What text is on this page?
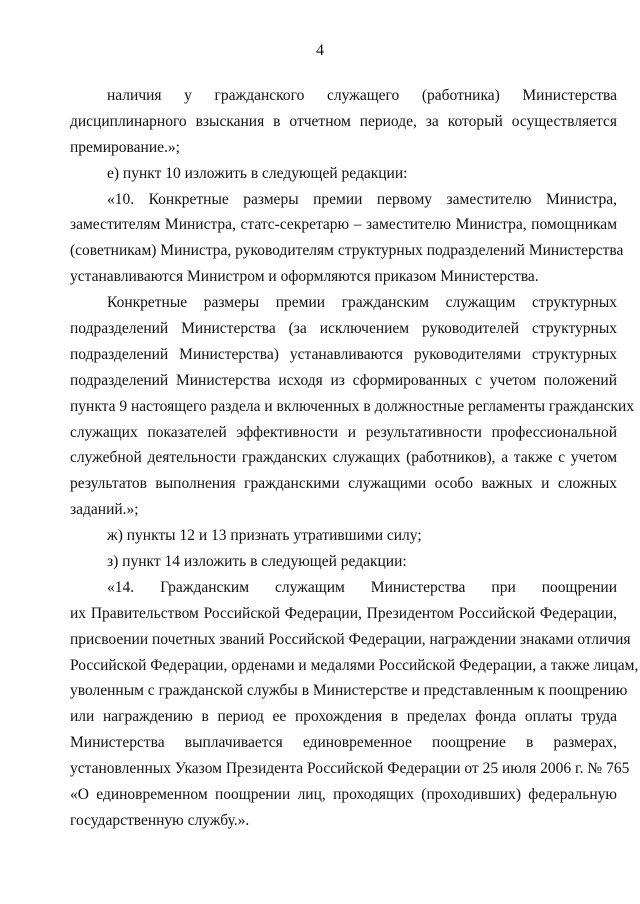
4
наличия у гражданского служащего (работника) Министерства
дисциплинарного взыскания в отчетном периоде, за который осуществляется
премирование.»;
е) пункт 10 изложить в следующей редакции:
«10. Конкретные размеры премии первому заместителю Министра,
заместителям Министра, статс-секретарю – заместителю Министра, помощникам
(советникам) Министра, руководителям структурных подразделений Министерства
устанавливаются Министром и оформляются приказом Министерства.
Конкретные размеры премии гражданским служащим структурных
подразделений Министерства (за исключением руководителей структурных
подразделений Министерства) устанавливаются руководителями структурных
подразделений Министерства исходя из сформированных с учетом положений
пункта 9 настоящего раздела и включенных в должностные регламенты гражданских
служащих показателей эффективности и результативности профессиональной
служебной деятельности гражданских служащих (работников), а также с учетом
результатов выполнения гражданскими служащими особо важных и сложных
заданий.»;
ж) пункты 12 и 13 признать утратившими силу;
з) пункт 14 изложить в следующей редакции:
«14. Гражданским служащим Министерства при поощрении
их Правительством Российской Федерации, Президентом Российской Федерации,
присвоении почетных званий Российской Федерации, награждении знаками отличия
Российской Федерации, орденами и медалями Российской Федерации, а также лицам,
уволенным с гражданской службы в Министерстве и представленным к поощрению
или награждению в период ее прохождения в пределах фонда оплаты труда
Министерства выплачивается единовременное поощрение в размерах,
установленных Указом Президента Российской Федерации от 25 июля 2006 г. № 765
«О единовременном поощрении лиц, проходящих (проходивших) федеральную
государственную службу.».
